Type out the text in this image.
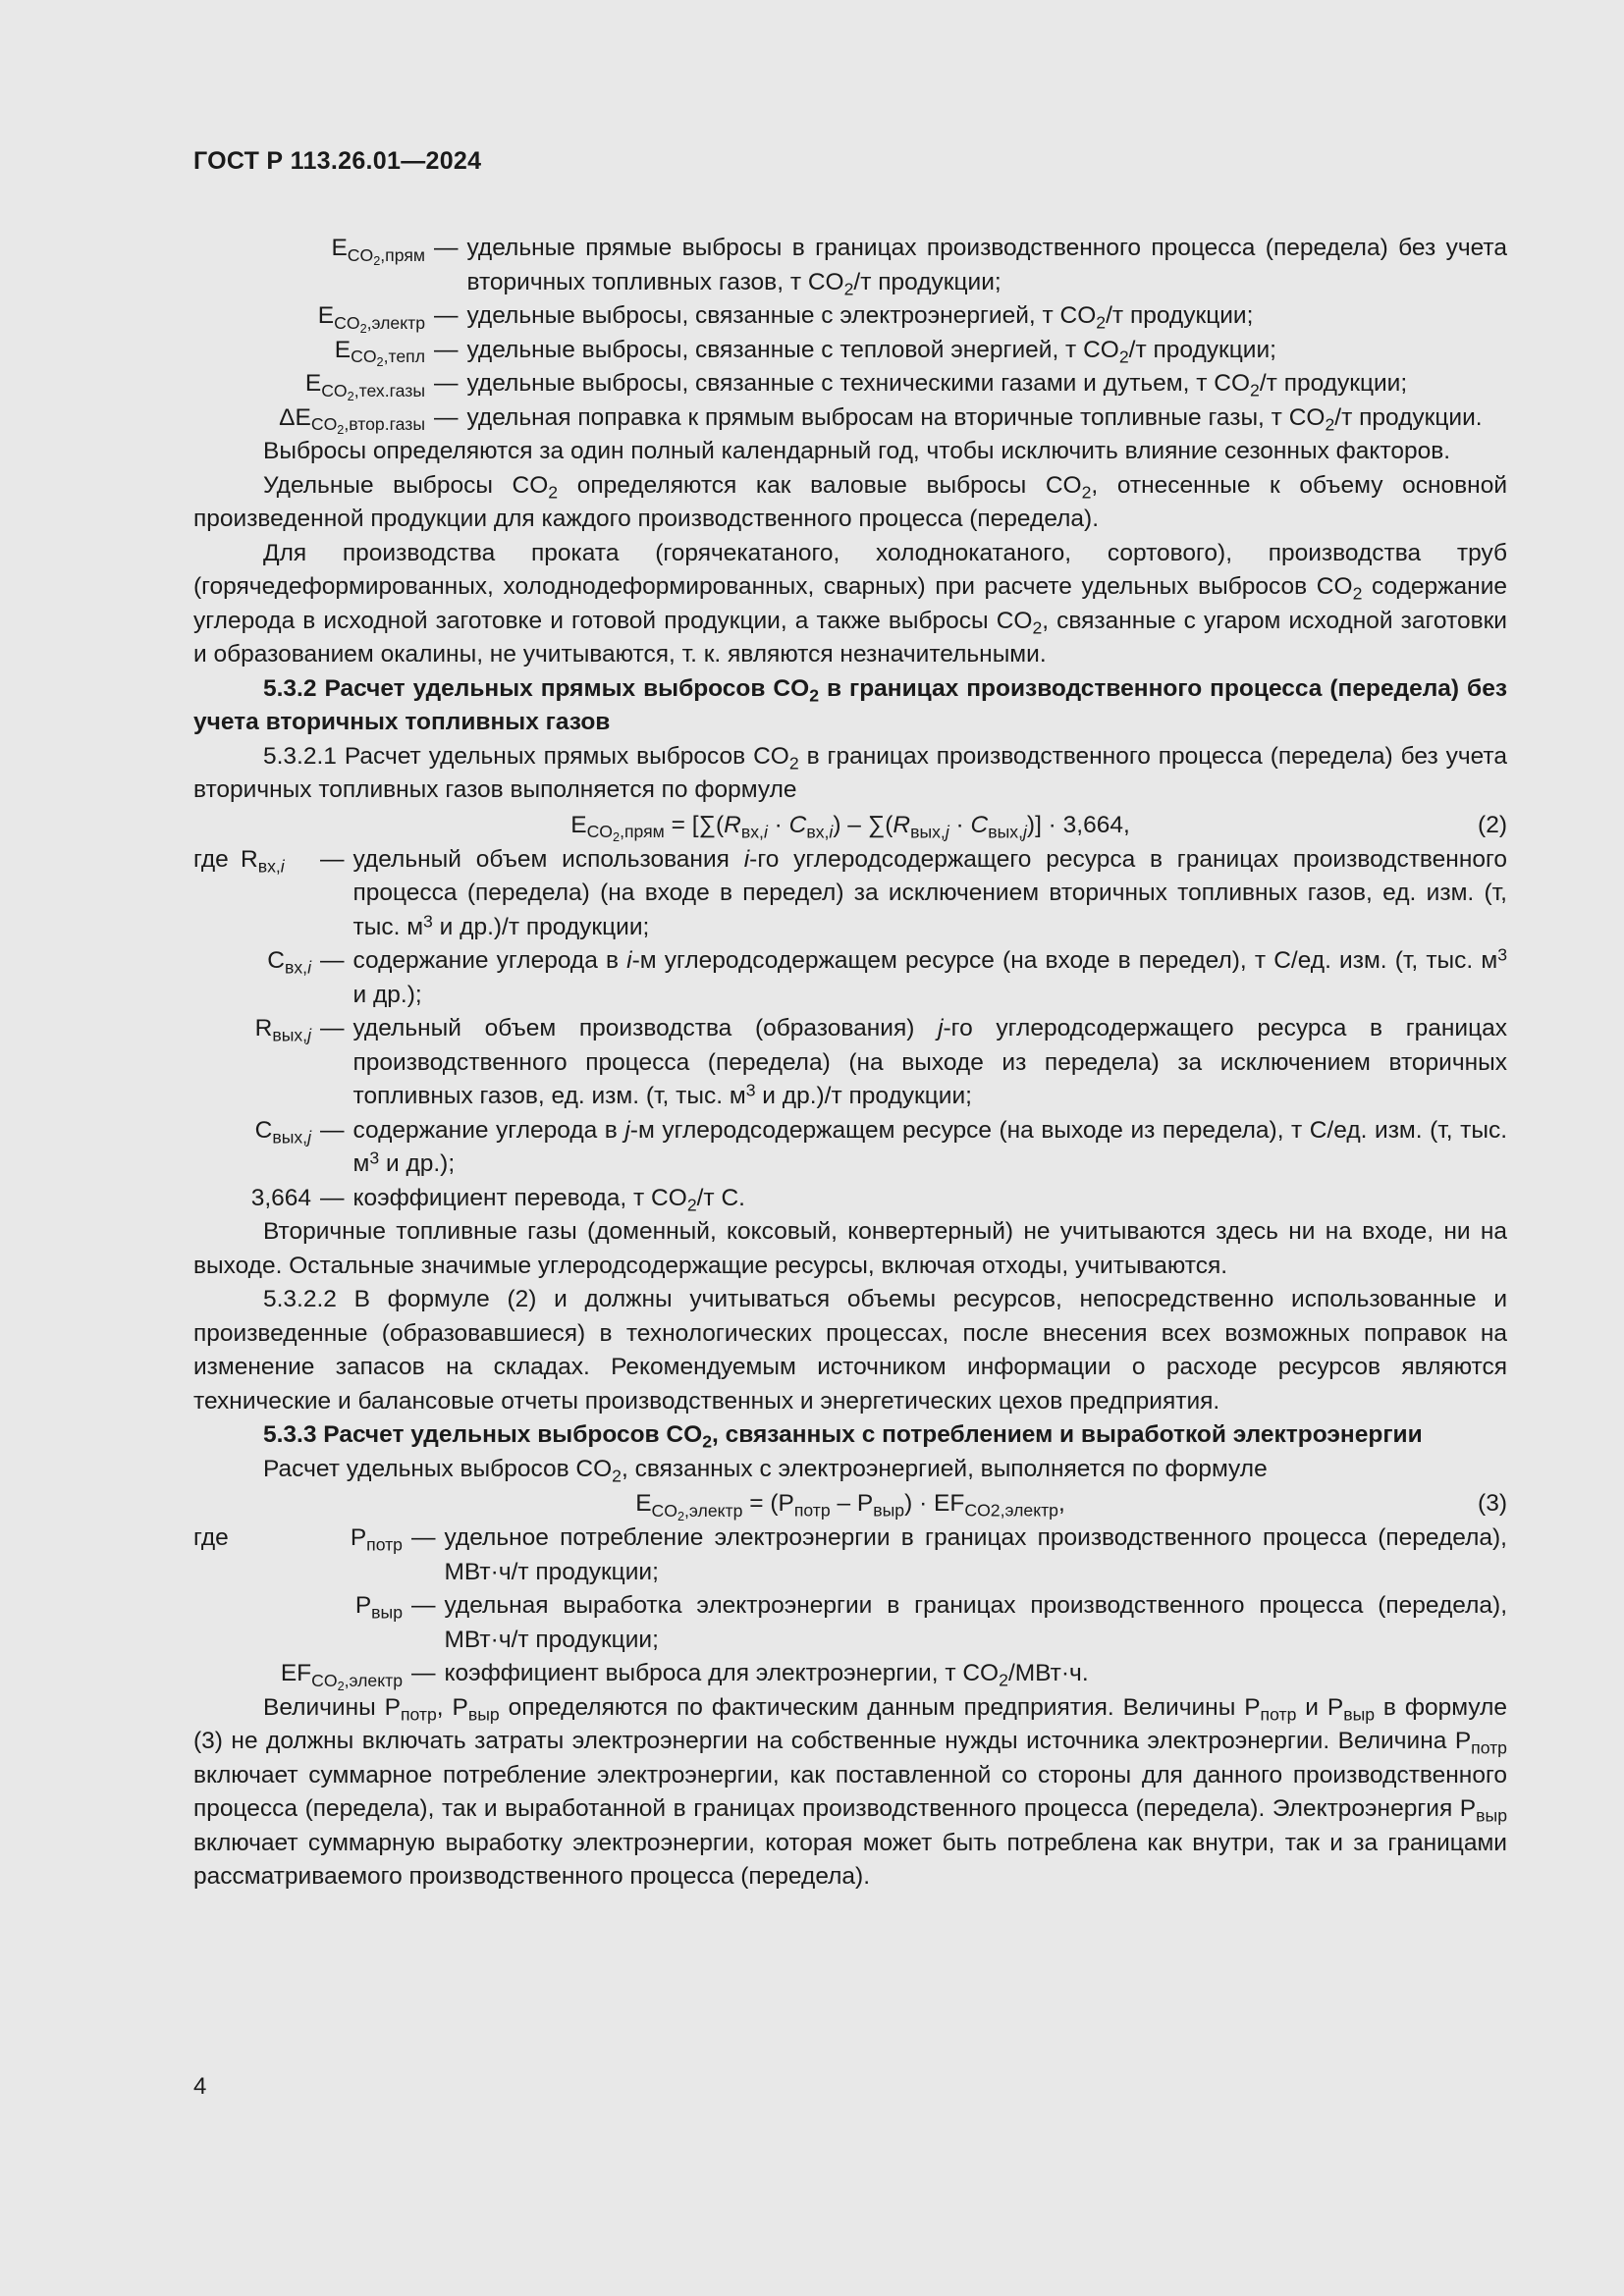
ГОСТ Р 113.26.01—2024
$E_{CO_2,прям}$ — удельные прямые выбросы в границах производственного процесса (передела) без учета вторичных топливных газов, т $CO_2/т$ продукции;
$E_{CO_2,электр}$ — удельные выбросы, связанные с электроэнергией, т $CO_2/т$ продукции;
$E_{CO_2,тепл}$ — удельные выбросы, связанные с тепловой энергией, т $CO_2/т$ продукции;
$E_{CO_2,тех.газы}$ — удельные выбросы, связанные с техническими газами и дутьем, т $CO_2/т$ продукции;
$\Delta E_{CO_2,втор.газы}$ — удельная поправка к прямым выбросам на вторичные топливные газы, т $CO_2/т$ продукции.

Выбросы определяются за один полный календарный год, чтобы исключить влияние сезонных факторов.

Удельные выбросы $CO_2$ определяются как валовые выбросы $CO_2$, отнесенные к объему основной произведенной продукции для каждого производственного процесса (передела).

Для производства проката (горячекатаного, холоднокатаного, сортового), производства труб (горячедеформированных, холоднодеформированных, сварных) при расчете удельных выбросов $CO_2$ содержание углерода в исходной заготовке и готовой продукции, а также выбросы $CO_2$, связанные с угаром исходной заготовки и образованием окалины, не учитываются, т. к. являются незначительными.

5.3.2 Расчет удельных прямых выбросов $CO_2$ в границах производственного процесса (передела) без учета вторичных топливных газов

5.3.2.1 Расчет удельных прямых выбросов $CO_2$ в границах производственного процесса (передела) без учета вторичных топливных газов выполняется по формуле

$E_{CO_2,прям} = [\sum(R_{вх,i} \cdot C_{вх,i}) - \sum(R_{вых,j} \cdot C_{вых,j})] \cdot 3,664$,	(2)
где $R_{вх,i}$	— удельный объем использования i-го углеродсодержащего ресурса в границах производственного процесса (передела) (на входе в передел) за исключением вторичных топливных газов, ед. изм. (т, тыс. $м^3$ и др.)/т продукции;
$C_{вх,i}$ — содержание углерода в i-м углеродсодержащем ресурсе (на входе в передел), т С/ед. изм. (т, тыс. $м^3$ и др.);
$R_{вых,j}$ — удельный объем производства (образования) j-го углеродсодержащего ресурса в границах производственного процесса (передела) (на выходе из передела) за исключением вторичных топливных газов, ед. изм. (т, тыс. $м^3$ и др.)/т продукции;
$C_{вых,j}$ — содержание углерода в j-м углеродсодержащем ресурсе (на выходе из передела), т С/ед. изм. (т, тыс. $м^3$ и др.);
3,664 — коэффициент перевода, т $CO_2/т$ С.

Вторичные топливные газы (доменный, коксовый, конвертерный) не учитываются здесь ни на входе, ни на выходе. Остальные значимые углеродсодержащие ресурсы, включая отходы, учитываются.

5.3.2.2 В формуле (2) и должны учитываться объемы ресурсов, непосредственно использованные и произведенные (образовавшиеся) в технологических процессах, после внесения всех возможных поправок на изменение запасов на складах. Рекомендуемым источником информации о расходе ресурсов являются технические и балансовые отчеты производственных и энергетических цехов предприятия.

5.3.3 Расчет удельных выбросов $CO_2$, связанных с потреблением и выработкой электроэнергии

Расчет удельных выбросов $CO_2$, связанных с электроэнергией, выполняется по формуле

$E_{CO_2,электр} = (P_{потр} - P_{выр}) \cdot EF_{CO2,электр}$,	(3)
где	$P_{потр}$ — удельное потребление электроэнергии в границах производственного процесса (передела), МВт·ч/т продукции;
$P_{выр}$ — удельная выработка электроэнергии в границах производственного процесса (передела), МВт·ч/т продукции;
$EF_{CO_2,электр}$ — коэффициент выброса для электроэнергии, т $CO_2/МВт\cdot ч$.

Величины $P_{потр}$, $P_{выр}$ определяются по фактическим данным предприятия. Величины $P_{потр}$ и $P_{выр}$ в формуле (3) не должны включать затраты электроэнергии на собственные нужды источника электроэнергии. Величина $P_{потр}$ включает суммарное потребление электроэнергии, как поставленной со стороны для данного производственного процесса (передела), так и выработанной в границах производственного процесса (передела). Электроэнергия $P_{выр}$ включает суммарную выработку электроэнергии, которая может быть потреблена как внутри, так и за границами рассматриваемого производственного процесса (передела).

4
